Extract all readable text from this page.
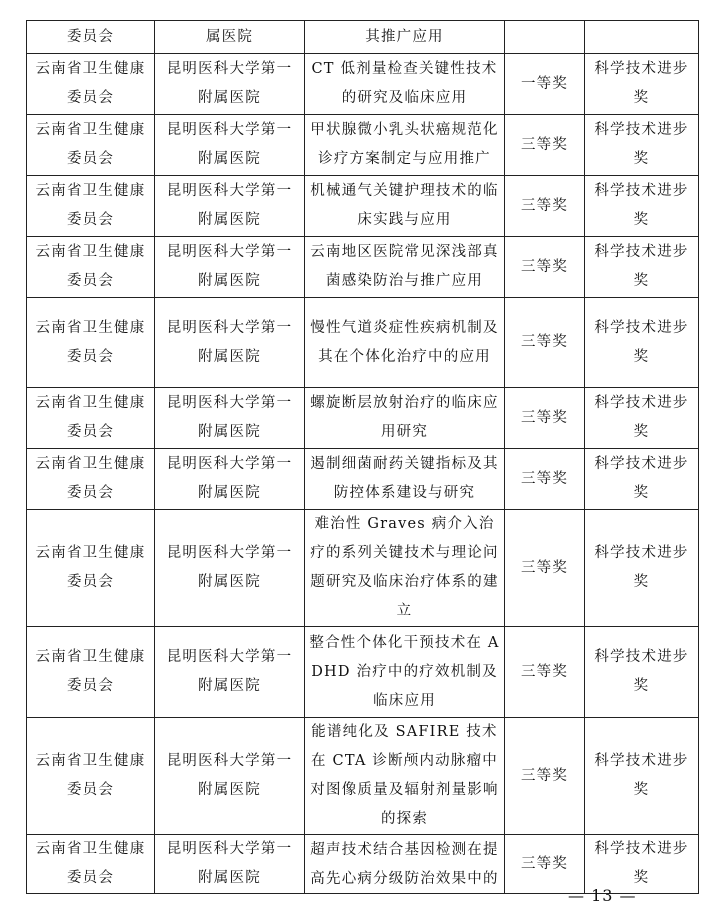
委员会	属医院	其推广应用		
云南省卫生健康委员会	昆明医科大学第一附属医院	CT 低剂量检查关键性技术的研究及临床应用	一等奖	科学技术进步奖
云南省卫生健康委员会	昆明医科大学第一附属医院	甲状腺微小乳头状癌规范化诊疗方案制定与应用推广	三等奖	科学技术进步奖
云南省卫生健康委员会	昆明医科大学第一附属医院	机械通气关键护理技术的临床实践与应用	三等奖	科学技术进步奖
云南省卫生健康委员会	昆明医科大学第一附属医院	云南地区医院常见深浅部真菌感染防治与推广应用	三等奖	科学技术进步奖
云南省卫生健康委员会	昆明医科大学第一附属医院	慢性气道炎症性疾病机制及其在个体化治疗中的应用	三等奖	科学技术进步奖
云南省卫生健康委员会	昆明医科大学第一附属医院	螺旋断层放射治疗的临床应用研究	三等奖	科学技术进步奖
云南省卫生健康委员会	昆明医科大学第一附属医院	遏制细菌耐药关键指标及其防控体系建设与研究	三等奖	科学技术进步奖
云南省卫生健康委员会	昆明医科大学第一附属医院	难治性 Graves 病介入治疗的系列关键技术与理论问题研究及临床治疗体系的建立	三等奖	科学技术进步奖
云南省卫生健康委员会	昆明医科大学第一附属医院	整合性个体化干预技术在 ADHD 治疗中的疗效机制及临床应用	三等奖	科学技术进步奖
云南省卫生健康委员会	昆明医科大学第一附属医院	能谱纯化及 SAFIRE 技术在 CTA 诊断颅内动脉瘤中对图像质量及辐射剂量影响的探索	三等奖	科学技术进步奖
云南省卫生健康委员会	昆明医科大学第一附属医院	超声技术结合基因检测在提高先心病分级防治效果中的	三等奖	科学技术进步奖
— 13 —
